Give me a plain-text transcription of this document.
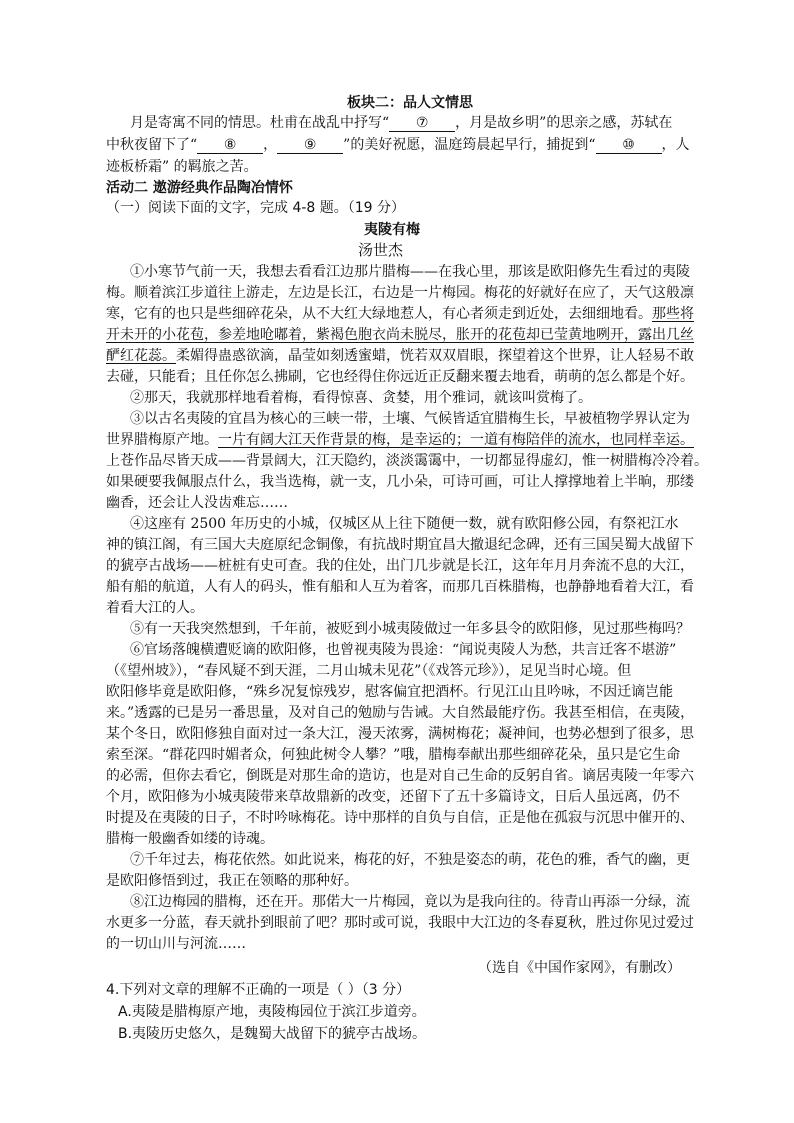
板块二：品人文情思
月是寄寓不同的情思。杜甫在战乱中抒写“ ⑦ ，月是故乡明”的思亲之感，苏轼在
中秋夜留下了“ ⑧ ， ⑨ ”的美好祝愿，温庭筠晨起早行，捕捉到“ ⑩ ，人
迹板桥霜” 的羁旅之苦。
活动二 遨游经典作品陶冶情怀
（一）阅读下面的文字，完成 4-8 题。（19 分）
夷陵有梅
汤世杰
①小寒节气前一天，我想去看看江边那片腊梅——在我心里，那该是欧阳修先生看过的夷陵
梅。顺着滨江步道往上游走，左边是长江，右边是一片梅园。梅花的好就好在应了，天气这般凛
寒，它有的也只是些细碎花朵，从不大红大绿地惹人，有心者须走到近处，去细细地看。那些将
开未开的小花苞，参差地呛嘟着，紫褐色胞衣尚未脱尽，胀开的花苞却已莹黄地咧开，露出几丝
酽红花蕊。柔媚得蛊惑欲滴，晶莹如刻透蜜蜡，恍若双双眉眼，探望着这个世界，让人轻易不敢
去碰，只能看；且任你怎么拂刷，它也经得住你远近正反翻来覆去地看，萌萌的怎么都是个好。
②那天，我就那样地看着梅，看得惊喜、贪婪，用个雅词，就该叫赏梅了。
③以古名夷陵的宜昌为核心的三峡一带，土壤、气候皆适宜腊梅生长，早被植物学界认定为
世界腊梅原产地。一片有阔大江天作背景的梅，是幸运的；一道有梅陪伴的流水，也同样幸运。
上苍作品尽皆天成——背景阔大，江天隐约，淡淡霭霭中，一切都显得虚幻，惟一树腊梅冷冷着。
如果硬要我佩服点什么，我当选梅，就一支，几小朵，可诗可画，可让人撑撑地着上半晌，那缕
幽香，还会让人没齿难忘……
④这座有 2500 年历史的小城，仅城区从上往下随便一数，就有欧阳修公园，有祭祀江水
神的镇江阁，有三国大夫庭原纪念铜像，有抗战时期宜昌大撤退纪念碑，还有三国吴蜀大战留下
的猇亭古战场——桩桩有史可查。我的住处，出门几步就是长江，这年年月月奔流不息的大江，
船有船的航道，人有人的码头，惟有船和人互为着客，而那几百株腊梅，也静静地看着大江，看
着看大江的人。
⑤有一天我突然想到，千年前，被贬到小城夷陵做过一年多县令的欧阳修，见过那些梅吗？
⑥官场落魄横遭贬谪的欧阳修，也曾视夷陵为畏途：“闻说夷陵人为愁，共言迁客不堪游”
（《望州坡》），“春风疑不到天涯，二月山城未见花”（《戏答元珍》），足见当时心境。但
欧阳修毕竟是欧阳修，“殊乡况复惊残岁，慰客偏宜把酒杯。行见江山且吟咏，不因迁谪岂能
来。”透露的已是另一番思量，及对自己的勉励与告诫。大自然最能疗伤。我甚至相信，在夷陵，
某个冬日，欧阳修独自面对过一条大江，漫天浓雾，满树梅花；凝神间，也势必想到了很多，思
索至深。“群花四时媚者众，何独此树令人攀？”哦，腊梅奉献出那些细碎花朵，虽只是它生命
的必需，但你去看它，倒既是对那生命的造访，也是对自己生命的反躬自省。谪居夷陵一年零六
个月，欧阳修为小城夷陵带来草故鼎新的改变，还留下了五十多篇诗文，日后人虽远离，仍不
时提及在夷陵的日子，不时吟咏梅花。诗中那样的自负与自信，正是他在孤寂与沉思中催开的、
腊梅一般幽香如缕的诗魂。
⑦千年过去，梅花依然。如此说来，梅花的好，不独是姿态的萌，花色的雅，香气的幽，更
是欧阳修悟到过，我正在领略的那种好。
⑧江边梅园的腊梅，还在开。那偌大一片梅园，竟以为是我向往的。待青山再添一分绿，流
水更多一分蓝，春天就扑到眼前了吧？那时或可说，我眼中大江边的冬春夏秋，胜过你见过爱过
的一切山川与河流……
（选自《中国作家网》，有删改）
4.下列对文章的理解不正确的一项是（ ）（3 分）
A.夷陵是腊梅原产地，夷陵梅园位于滨江步道旁。
B.夷陵历史悠久，是魏蜀大战留下的猇亭古战场。
